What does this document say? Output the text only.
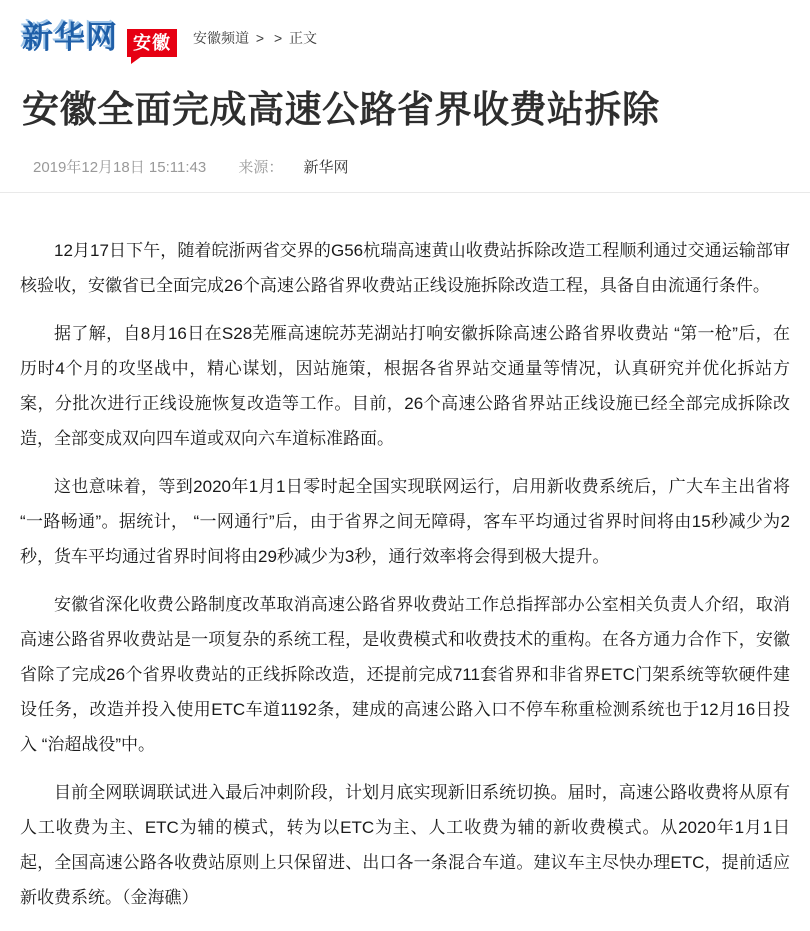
新华网 安徽	安徽频道 > > 正文
安徽全面完成高速公路省界收费站拆除
2019年12月18日 15:11:43 来源： 新华网

12月17日下午，随着皖浙两省交界的G56杭瑞高速黄山收费站拆除改造工程顺利通过交通运输部审核验收，安徽省已全面完成26个高速公路省界收费站正线设施拆除改造工程，具备自由流通行条件。

据了解，自8月16日在S28芜雁高速皖苏芜湖站打响安徽拆除高速公路省界收费站 “第一枪”后，在历时4个月的攻坚战中，精心谋划，因站施策，根据各省界站交通量等情况，认真研究并优化拆站方案，分批次进行正线设施恢复改造等工作。目前，26个高速公路省界站正线设施已经全部完成拆除改造，全部变成双向四车道或双向六车道标准路面。

这也意味着，等到2020年1月1日零时起全国实现联网运行，启用新收费系统后，广大车主出省将 “一路畅通”。据统计， “一网通行”后，由于省界之间无障碍，客车平均通过省界时间将由15秒减少为2秒，货车平均通过省界时间将由29秒减少为3秒，通行效率将会得到极大提升。

安徽省深化收费公路制度改革取消高速公路省界收费站工作总指挥部办公室相关负责人介绍，取消高速公路省界收费站是一项复杂的系统工程，是收费模式和收费技术的重构。在各方通力合作下，安徽省除了完成26个省界收费站的正线拆除改造，还提前完成711套省界和非省界ETC门架系统等软硬件建设任务，改造并投入使用ETC车道1192条，建成的高速公路入口不停车称重检测系统也于12月16日投入 “治超战役”中。

目前全网联调联试进入最后冲刺阶段，计划月底实现新旧系统切换。届时，高速公路收费将从原有人工收费为主、ETC为辅的模式，转为以ETC为主、人工收费为辅的新收费模式。从2020年1月1日起，全国高速公路各收费站原则上只保留进、出口各一条混合车道。建议车主尽快办理ETC，提前适应新收费系统。（金海礁）
